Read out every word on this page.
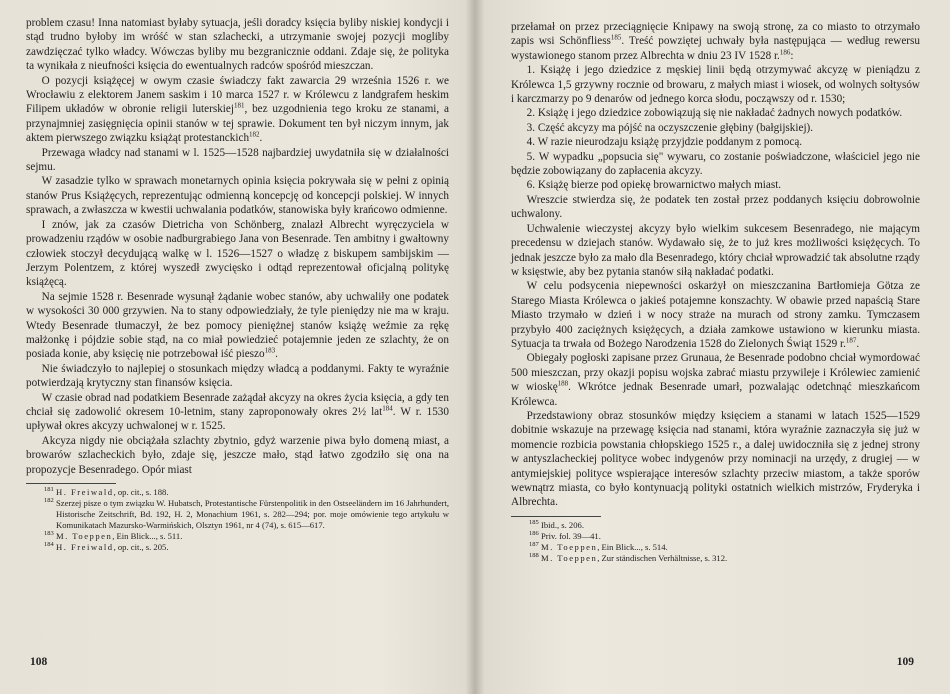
problem czasu! Inna natomiast byłaby sytuacja, jeśli doradcy księcia byliby niskiej kondycji i stąd trudno byłoby im wróść w stan szlachecki, a utrzymanie swojej pozycji mogliby zawdzięczać tylko władcy. Wówczas byliby mu bezgranicznie oddani. Zdaje się, że polityka ta wynikała z nieufności księcia do ewentualnych radców spośród mieszczan.

O pozycji książęcej w owym czasie świadczy fakt zawarcia 29 września 1526 r. we Wrocławiu z elektorem Janem saskim i 10 marca 1527 r. w Królewcu z landgrafem heskim Filipem układów w obronie religii luterskiej$^{181}$, bez uzgodnienia tego kroku ze stanami, a przynajmniej zasięgnięcia opinii stanów w tej sprawie. Dokument ten był niczym innym, jak aktem pierwszego związku książąt protestanckich$^{182}$.

Przewaga władcy nad stanami w l. 1525—1528 najbardziej uwydatniła się w działalności sejmu.

W zasadzie tylko w sprawach monetarnych opinia księcia pokrywała się w pełni z opinią stanów Prus Książęcych, reprezentując odmienną koncepcję od koncepcji polskiej. W innych sprawach, a zwłaszcza w kwestii uchwalania podatków, stanowiska były krańcowo odmienne.

I znów, jak za czasów Dietricha von Schönberg, znalazł Albrecht wyręczyciela w prowadzeniu rządów w osobie nadburgrabiego Jana von Besenrade. Ten ambitny i gwałtowny człowiek stoczył decydującą walkę w l. 1526—1527 o władzę z biskupem sambijskim — Jerzym Polentzem, z której wyszedł zwycięsko i odtąd reprezentował oficjalną politykę książęcą.

Na sejmie 1528 r. Besenrade wysunął żądanie wobec stanów, aby uchwaliły one podatek w wysokości 30 000 grzywien. Na to stany odpowiedziały, że tyle pieniędzy nie ma w kraju. Wtedy Besenrade tłumaczył, że bez pomocy pieniężnej stanów książę weźmie za rękę małżonkę i pójdzie sobie stąd, na co miał powiedzieć potajemnie jeden ze szlachty, że on posiada konie, aby księcię nie potrzebował iść pieszo$^{183}$.

Nie świadczyło to najlepiej o stosunkach między władcą a poddanymi. Fakty te wyraźnie potwierdzają krytyczny stan finansów księcia.

W czasie obrad nad podatkiem Besenrade zażądał akcyzy na okres życia księcia, a gdy ten chciał się zadowolić okresem 10-letnim, stany zaproponowały okres 2½ lat$^{184}$. W r. 1530 upływał okres akcyzy uchwalonej w r. 1525.

Akcyza nigdy nie obciążała szlachty zbytnio, gdyż warzenie piwa było domeną miast, a browarów szlacheckich było, zdaje się, jeszcze mało, stąd łatwo zgodziło się ona na propozycje Besenradego. Opór miast

181 H. Freiwald, op. cit., s. 188.

182 Szerzej pisze o tym związku W. Hubatsch, Protestantische Fürstenpolitik in den Ostseeländern im 16 Jahrhundert, Historische Zeitschrift, Bd. 192, H. 2, Monachium 1961, s. 282—294; por. moje omówienie tego artykułu w Komunikatach Mazursko-Warmińskich, Olsztyn 1961, nr 4 (74), s. 615—617.

183 M. Toeppen, Ein Blick..., s. 511.

184 H. Freiwald, op. cit., s. 205.

108

przełamał on przez przeciągnięcie Knipawy na swoją stronę, za co miasto to otrzymało zapis wsi Schönfliess$^{185}$. Treść powziętej uchwały była następująca — według rewersu wystawionego stanom przez Albrechta w dniu 23 IV 1528 r.$^{186}$:

1. Książę i jego dziedzice z męskiej linii będą otrzymywać akcyzę w pieniądzu z Królewca 1,5 grzywny rocznie od browaru, z małych miast i wiosek, od wolnych sołtysów i karczmarzy po 9 denarów od jednego korca słodu, począwszy od r. 1530;

2. Książę i jego dziedzice zobowiązują się nie nakładać żadnych nowych podatków.

3. Część akcyzy ma pójść na oczyszczenie głębiny (bałgijskiej).

4. W razie nieurodzaju książę przyjdzie poddanym z pomocą.

5. W wypadku „popsucia się" wywaru, co zostanie poświadczone, właściciel jego nie będzie zobowiązany do zapłacenia akcyzy.

6. Książę bierze pod opiekę browarnictwo małych miast.

Wreszcie stwierdza się, że podatek ten został przez poddanych księciu dobrowolnie uchwalony.

Uchwalenie wieczystej akcyzy było wielkim sukcesem Besenradego, nie mającym precedensu w dziejach stanów. Wydawało się, że to już kres możliwości księżęcych. To jednak jeszcze było za mało dla Besenradego, który chciał wprowadzić tak absolutne rządy w księstwie, aby bez pytania stanów siłą nakładać podatki.

W celu podsycenia niepewności oskarżył on mieszczanina Bartłomieja Götza ze Starego Miasta Królewca o jakieś potajemne konszachty. W obawie przed napaścią Stare Miasto trzymało w dzień i w nocy straże na murach od strony zamku. Tymczasem przybyło 400 zaciężnych księżęcych, a działa zamkowe ustawiono w kierunku miasta. Sytuacja ta trwała od Bożego Narodzenia 1528 do Zielonych Świąt 1529 r.$^{187}$.

Obiegały pogłoski zapisane przez Grunaua, że Besenrade podobno chciał wymordować 500 mieszczan, przy okazji popisu wojska zabrać miastu przywileje i Królewiec zamienić w wioskę$^{188}$. Wkrótce jednak Besenrade umarł, pozwalając odetchnąć mieszkańcom Królewca.

Przedstawiony obraz stosunków między księciem a stanami w latach 1525—1529 dobitnie wskazuje na przewagę księcia nad stanami, która wyraźnie zaznaczyła się już w momencie rozbicia powstania chłopskiego 1525 r., a dalej uwidoczniła się z jednej strony w antyszlacheckiej polityce wobec indygenów przy nominacji na urzędy, z drugiej — w antymiejskiej polityce wspierające interesów szlachty przeciw miastom, a także sporów wewnątrz miasta, co było kontynuacją polityki ostatnich wielkich mistrzów, Fryderyka i Albrechta.

185 Ibid., s. 206.

186 Priv. fol. 39—41.

187 M. Toeppen, Ein Blick..., s. 514.

188 M. Toeppen, Zur ständischen Verhältnisse, s. 312.

109
